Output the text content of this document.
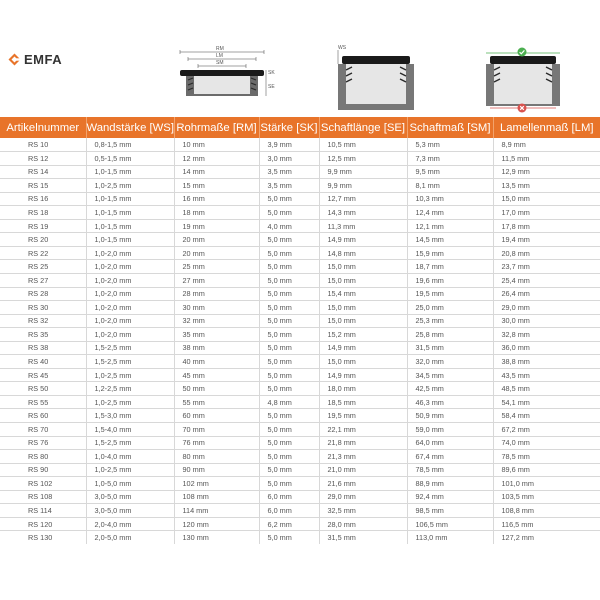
EMFA
RM
LM
SM
SK
SE
WS
Artikelnummer	Wandstärke [WS]	Rohrmaße [RM]	Stärke [SK]	Schaftlänge [SE]	Schaftmaß [SM]	Lamellenmaß [LM]
RS 10	0,8-1,5 mm	10 mm	3,9 mm	10,5 mm	5,3 mm	8,9 mm
RS 12	0,5-1,5 mm	12 mm	3,0 mm	12,5 mm	7,3 mm	11,5 mm
RS 14	1,0-1,5 mm	14 mm	3,5 mm	9,9 mm	9,5 mm	12,9 mm
RS 15	1,0-2,5 mm	15 mm	3,5 mm	9,9 mm	8,1 mm	13,5 mm
RS 16	1,0-1,5 mm	16 mm	5,0 mm	12,7 mm	10,3 mm	15,0 mm
RS 18	1,0-1,5 mm	18 mm	5,0 mm	14,3 mm	12,4 mm	17,0 mm
RS 19	1,0-1,5 mm	19 mm	4,0 mm	11,3 mm	12,1 mm	17,8 mm
RS 20	1,0-1,5 mm	20 mm	5,0 mm	14,9 mm	14,5 mm	19,4 mm
RS 22	1,0-2,0 mm	20 mm	5,0 mm	14,8 mm	15,9 mm	20,8 mm
RS 25	1,0-2,0 mm	25 mm	5,0 mm	15,0 mm	18,7 mm	23,7 mm
RS 27	1,0-2,0 mm	27 mm	5,0 mm	15,0 mm	19,6 mm	25,4 mm
RS 28	1,0-2,0 mm	28 mm	5,0 mm	15,4 mm	19,5 mm	26,4 mm
RS 30	1,0-2,0 mm	30 mm	5,0 mm	15,0 mm	25,0 mm	29,0 mm
RS 32	1,0-2,0 mm	32 mm	5,0 mm	15,0 mm	25,3 mm	30,0 mm
RS 35	1,0-2,0 mm	35 mm	5,0 mm	15,2 mm	25,8 mm	32,8 mm
RS 38	1,5-2,5 mm	38 mm	5,0 mm	14,9 mm	31,5 mm	36,0 mm
RS 40	1,5-2,5 mm	40 mm	5,0 mm	15,0 mm	32,0 mm	38,8 mm
RS 45	1,0-2,5 mm	45 mm	5,0 mm	14,9 mm	34,5 mm	43,5 mm
RS 50	1,2-2,5 mm	50 mm	5,0 mm	18,0 mm	42,5 mm	48,5 mm
RS 55	1,0-2,5 mm	55 mm	4,8 mm	18,5 mm	46,3 mm	54,1 mm
RS 60	1,5-3,0 mm	60 mm	5,0 mm	19,5 mm	50,9 mm	58,4 mm
RS 70	1,5-4,0 mm	70 mm	5,0 mm	22,1 mm	59,0 mm	67,2 mm
RS 76	1,5-2,5 mm	76 mm	5,0 mm	21,8 mm	64,0 mm	74,0 mm
RS 80	1,0-4,0 mm	80 mm	5,0 mm	21,3 mm	67,4 mm	78,5 mm
RS 90	1,0-2,5 mm	90 mm	5,0 mm	21,0 mm	78,5 mm	89,6 mm
RS 102	1,0-5,0 mm	102 mm	5,0 mm	21,6 mm	88,9 mm	101,0 mm
RS 108	3,0-5,0 mm	108 mm	6,0 mm	29,0 mm	92,4 mm	103,5 mm
RS 114	3,0-5,0 mm	114 mm	6,0 mm	32,5 mm	98,5 mm	108,8 mm
RS 120	2,0-4,0 mm	120 mm	6,2 mm	28,0 mm	106,5 mm	116,5 mm
RS 130	2,0-5,0 mm	130 mm	5,0 mm	31,5 mm	113,0 mm	127,2 mm
